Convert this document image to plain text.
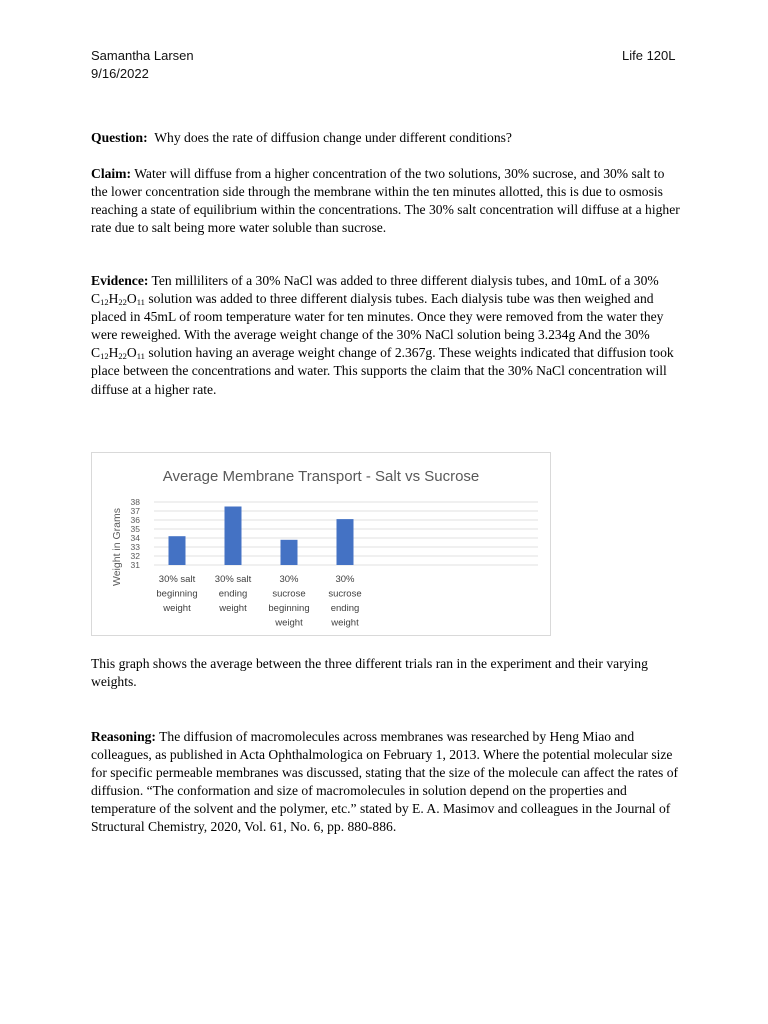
Samantha Larsen
9/16/2022
Life 120L
Question: Why does the rate of diffusion change under different conditions?
Claim: Water will diffuse from a higher concentration of the two solutions, 30% sucrose, and 30% salt to the lower concentration side through the membrane within the ten minutes allotted, this is due to osmosis reaching a state of equilibrium within the concentrations. The 30% salt concentration will diffuse at a higher rate due to salt being more water soluble than sucrose.
Evidence: Ten milliliters of a 30% NaCl was added to three different dialysis tubes, and 10mL of a 30% $C_{12}H_{22}O_{11}$ solution was added to three different dialysis tubes. Each dialysis tube was then weighed and placed in 45mL of room temperature water for ten minutes. Once they were removed from the water they were reweighed. With the average weight change of the 30% NaCl solution being 3.234g And the 30% $C_{12}H_{22}O_{11}$ solution having an average weight change of 2.367g. These weights indicated that diffusion took place between the concentrations and water. This supports the claim that the 30% NaCl concentration will diffuse at a higher rate.
Average Membrane Transport - Salt vs Sucrose
Weight in Grams 31
32
33
34
35
36
37
38
30% salt beginning weight
30% salt ending weight
30% sucrose beginning weight
30% sucrose ending weight
This graph shows the average between the three different trials ran in the experiment and their varying weights.
Reasoning: The diffusion of macromolecules across membranes was researched by Heng Miao and colleagues, as published in Acta Ophthalmologica on February 1, 2013. Where the potential molecular size for specific permeable membranes was discussed, stating that the size of the molecule can affect the rates of diffusion. “The conformation and size of macromolecules in solution depend on the properties and temperature of the solvent and the polymer, etc.” stated by E. A. Masimov and colleagues in the Journal of Structural Chemistry, 2020, Vol. 61, No. 6, pp. 880-886.
